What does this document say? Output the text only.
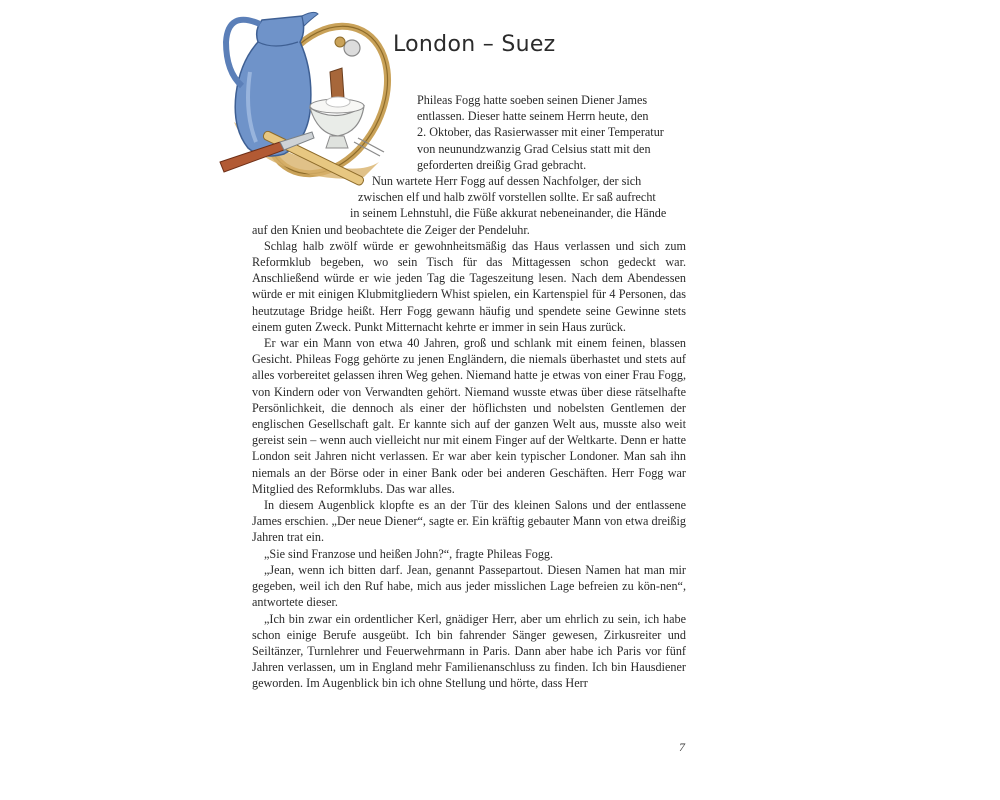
London – Suez

Phileas Fogg hatte soeben seinen Diener James
entlassen. Dieser hatte seinem Herrn heute, den
2. Oktober, das Rasierwasser mit einer Temperatur
von neunundzwanzig Grad Celsius statt mit den
geforderten dreißig Grad gebracht.

Nun wartete Herr Fogg auf dessen Nachfolger, der sich
zwischen elf und halb zwölf vorstellen sollte. Er saß aufrecht
in seinem Lehnstuhl, die Füße akkurat nebeneinander, die Hände
auf den Knien und beobachtete die Zeiger der Pendeluhr.

Schlag halb zwölf würde er gewohnheitsmäßig das Haus verlassen und sich zum Reformklub begeben, wo sein Tisch für das Mittagessen schon gedeckt war. Anschließend würde er wie jeden Tag die Tageszeitung lesen. Nach dem Abendessen würde er mit einigen Klubmitgliedern Whist spielen, ein Kartenspiel für 4 Personen, das heutzutage Bridge heißt. Herr Fogg gewann häufig und spendete seine Gewinne stets einem guten Zweck. Punkt Mitternacht kehrte er immer in sein Haus zurück.

Er war ein Mann von etwa 40 Jahren, groß und schlank mit einem feinen, blassen Gesicht. Phileas Fogg gehörte zu jenen Engländern, die niemals überhastet und stets auf alles vorbereitet gelassen ihren Weg gehen. Niemand hatte je etwas von einer Frau Fogg, von Kindern oder von Verwandten gehört. Niemand wusste etwas über diese rätselhafte Persönlichkeit, die dennoch als einer der höflichsten und nobelsten Gentlemen der englischen Gesellschaft galt. Er kannte sich auf der ganzen Welt aus, musste also weit gereist sein – wenn auch vielleicht nur mit einem Finger auf der Weltkarte. Denn er hatte London seit Jahren nicht verlassen. Er war aber kein typischer Londoner. Man sah ihn niemals an der Börse oder in einer Bank oder bei anderen Geschäften. Herr Fogg war Mitglied des Reformklubs. Das war alles.

In diesem Augenblick klopfte es an der Tür des kleinen Salons und der entlassene James erschien. „Der neue Diener“, sagte er. Ein kräftig gebauter Mann von etwa dreißig Jahren trat ein.

„Sie sind Franzose und heißen John?“, fragte Phileas Fogg.

„Jean, wenn ich bitten darf. Jean, genannt Passepartout. Diesen Namen hat man mir gegeben, weil ich den Ruf habe, mich aus jeder misslichen Lage befreien zu kön-nen“, antwortete dieser.

„Ich bin zwar ein ordentlicher Kerl, gnädiger Herr, aber um ehrlich zu sein, ich habe schon einige Berufe ausgeübt. Ich bin fahrender Sänger gewesen, Zirkusreiter und Seiltänzer, Turnlehrer und Feuerwehrmann in Paris. Dann aber habe ich Paris vor fünf Jahren verlassen, um in England mehr Familienanschluss zu finden. Ich bin Hausdiener geworden. Im Augenblick bin ich ohne Stellung und hörte, dass Herr

7
